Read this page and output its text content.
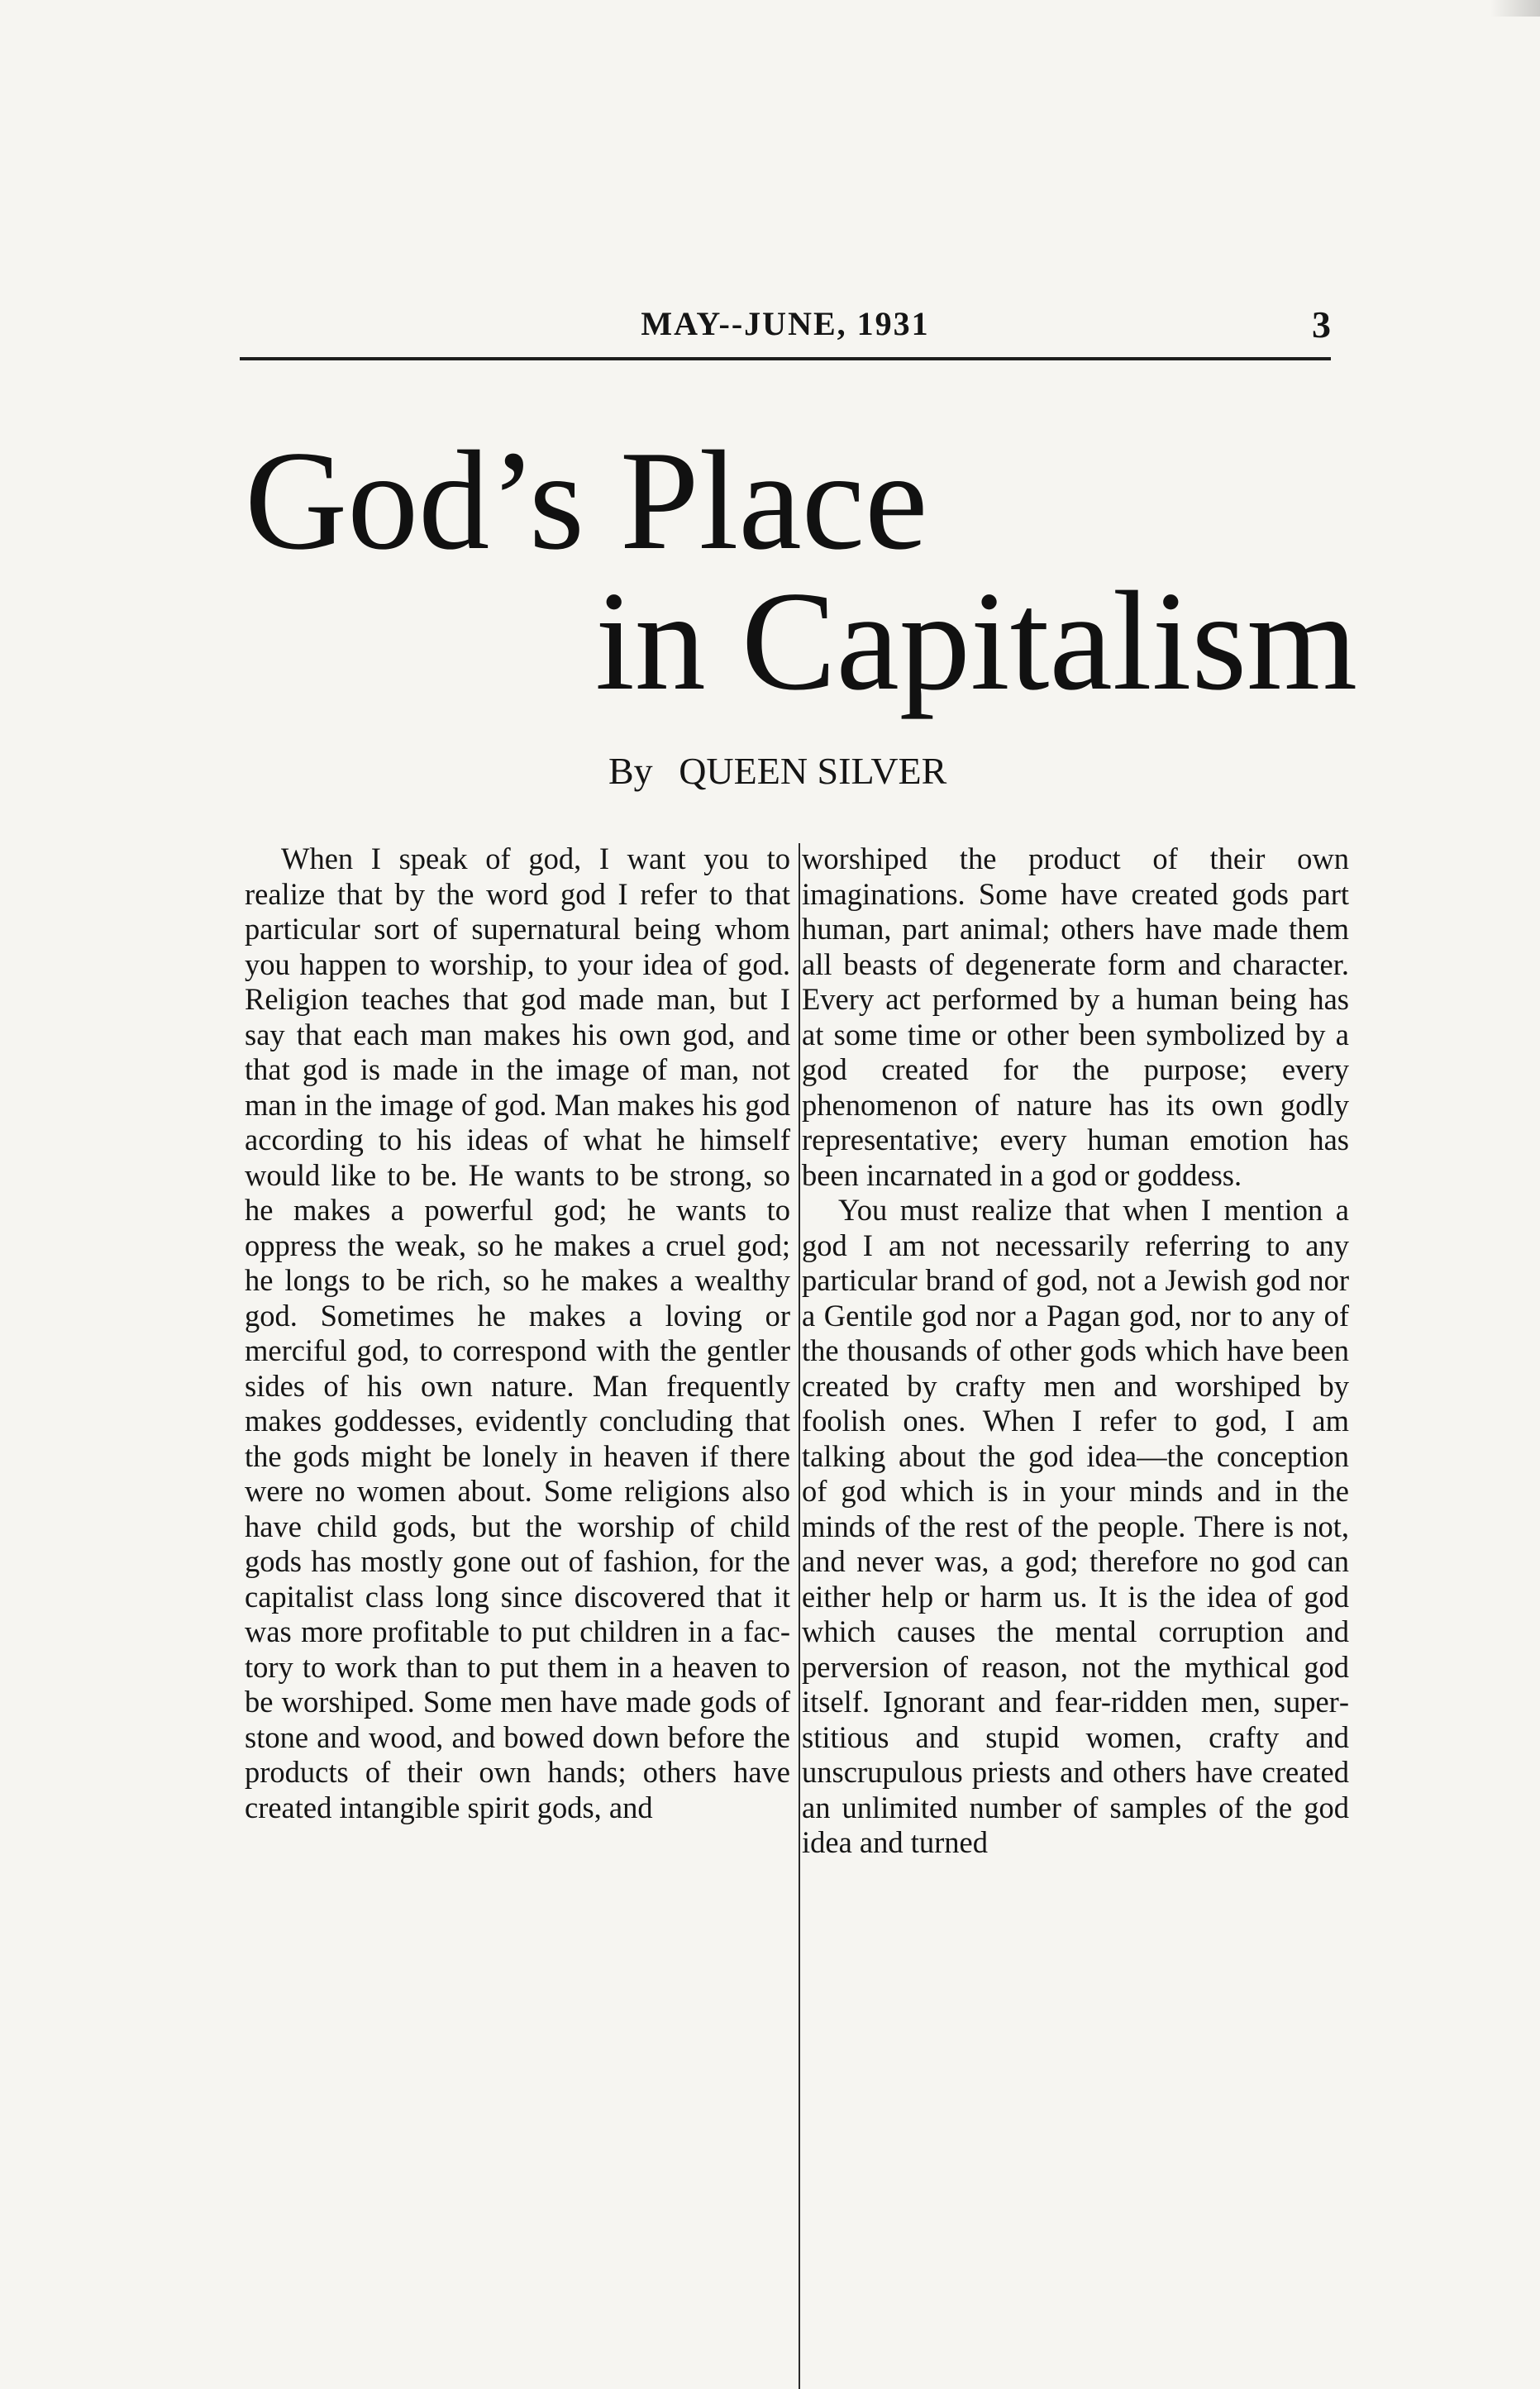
MAY--JUNE, 1931	3
God’s Place
in Capitalism
By QUEEN SILVER

When I speak of god, I want you to realize that by the word god I refer to that particular sort of supernatural being whom you happen to worship, to your idea of god. Religion teaches that god made man, but I say that each man makes his own god, and that god is made in the image of man, not man in the image of god. Man makes his god according to his ideas of what he himself would like to be. He wants to be strong, so he makes a powerful god; he wants to oppress the weak, so he makes a cruel god; he longs to be rich, so he makes a wealthy god. Sometimes he makes a loving or merciful god, to correspond with the gentler sides of his own nature. Man frequently makes goddesses, evidently concluding that the gods might be lonely in heaven if there were no women about. Some religions also have child gods, but the worship of child gods has mostly gone out of fashion, for the capitalist class long since discovered that it was more profitable to put children in a factory to work than to put them in a heaven to be worshiped. Some men have made gods of stone and wood, and bowed down before the products of their own hands; others have created intangible spirit gods, and

worshiped the product of their own imaginations. Some have created gods part human, part animal; others have made them all beasts of degenerate form and character. Every act performed by a human being has at some time or other been symbolized by a god created for the purpose; every phenomenon of nature has its own godly representative; every human emotion has been incarnated in a god or goddess.

You must realize that when I mention a god I am not necessarily referring to any particular brand of god, not a Jewish god nor a Gentile god nor a Pagan god, nor to any of the thousands of other gods which have been created by crafty men and worshiped by foolish ones. When I refer to god, I am talking about the god idea—the conception of god which is in your minds and in the minds of the rest of the people. There is not, and never was, a god; therefore no god can either help or harm us. It is the idea of god which causes the mental corruption and perversion of reason, not the mythical god itself. Ignorant and fear-ridden men, superstitious and stupid women, crafty and unscrupulous priests and others have created an unlimited number of samples of the god idea and turned
